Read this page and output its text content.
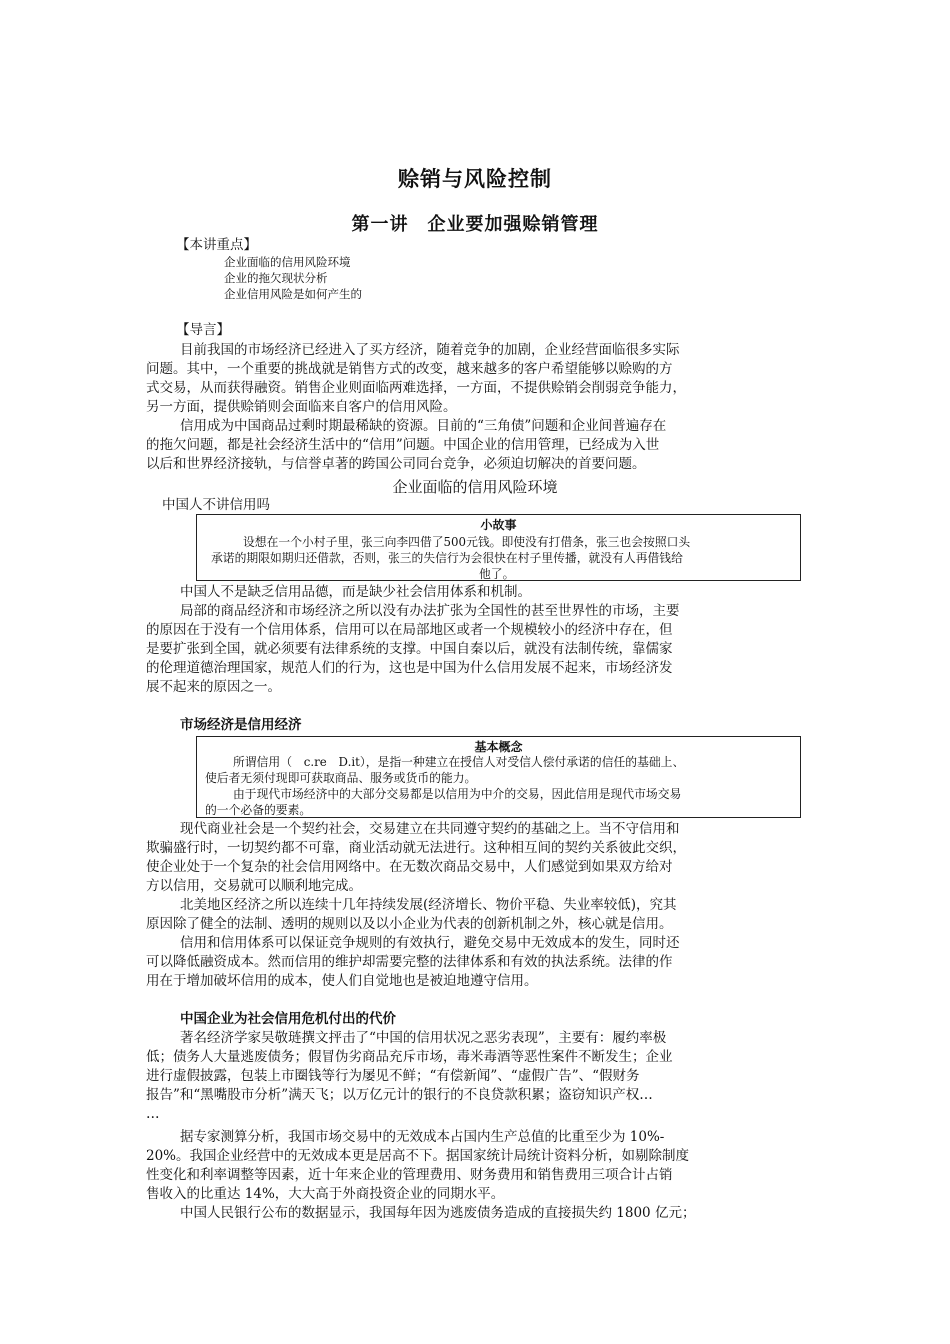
赊销与风险控制
第一讲　企业要加强赊销管理
【本讲重点】
企业面临的信用风险环境
企业的拖欠现状分析
企业信用风险是如何产生的
【导言】
目前我国的市场经济已经进入了买方经济，随着竞争的加剧，企业经营面临很多实际
问题。其中，一个重要的挑战就是销售方式的改变，越来越多的客户希望能够以赊购的方
式交易，从而获得融资。销售企业则面临两难选择，一方面，不提供赊销会削弱竞争能力，
另一方面，提供赊销则会面临来自客户的信用风险。
信用成为中国商品过剩时期最稀缺的资源。目前的“三角债”问题和企业间普遍存在
的拖欠问题，都是社会经济生活中的“信用”问题。中国企业的信用管理，已经成为入世
以后和世界经济接轨，与信誉卓著的跨国公司同台竞争，必须迫切解决的首要问题。
企业面临的信用风险环境
中国人不讲信用吗
小故事
设想在一个小村子里，张三向李四借了500元钱。即使没有打借条，张三也会按照口头
承诺的期限如期归还借款，否则，张三的失信行为会很快在村子里传播，就没有人再借钱给
他了。
中国人不是缺乏信用品德，而是缺少社会信用体系和机制。
局部的商品经济和市场经济之所以没有办法扩张为全国性的甚至世界性的市场，主要
的原因在于没有一个信用体系，信用可以在局部地区或者一个规模较小的经济中存在，但
是要扩张到全国，就必须要有法律系统的支撑。中国自秦以后，就没有法制传统，靠儒家
的伦理道德治理国家，规范人们的行为，这也是中国为什么信用发展不起来，市场经济发
展不起来的原因之一。
市场经济是信用经济
基本概念
所谓信用（　c.re　D.it），是指一种建立在授信人对受信人偿付承诺的信任的基础上、
使后者无须付现即可获取商品、服务或货币的能力。
由于现代市场经济中的大部分交易都是以信用为中介的交易，因此信用是现代市场交易
的一个必备的要素。
现代商业社会是一个契约社会，交易建立在共同遵守契约的基础之上。当不守信用和
欺骗盛行时，一切契约都不可靠，商业活动就无法进行。这种相互间的契约关系彼此交织，
使企业处于一个复杂的社会信用网络中。在无数次商品交易中，人们感觉到如果双方给对
方以信用，交易就可以顺利地完成。
北美地区经济之所以连续十几年持续发展(经济增长、物价平稳、失业率较低)，究其
原因除了健全的法制、透明的规则以及以小企业为代表的创新机制之外，核心就是信用。
信用和信用体系可以保证竞争规则的有效执行，避免交易中无效成本的发生，同时还
可以降低融资成本。然而信用的维护却需要完整的法律体系和有效的执法系统。法律的作
用在于增加破坏信用的成本，使人们自觉地也是被迫地遵守信用。
中国企业为社会信用危机付出的代价
著名经济学家吴敬琏撰文抨击了“中国的信用状况之恶劣表现”，主要有：履约率极
低；债务人大量逃废债务；假冒伪劣商品充斥市场，毒米毒酒等恶性案件不断发生；企业
进行虚假披露，包装上市圈钱等行为屡见不鲜；“有偿新闻”、“虚假广告”、“假财务
报告”和“黑嘴股市分析”满天飞；以万亿元计的银行的不良贷款积累；盗窃知识产权…
…
据专家测算分析，我国市场交易中的无效成本占国内生产总值的比重至少为 10%-
20%。我国企业经营中的无效成本更是居高不下。据国家统计局统计资料分析，如剔除制度
性变化和利率调整等因素，近十年来企业的管理费用、财务费用和销售费用三项合计占销
售收入的比重达 14%，大大高于外商投资企业的同期水平。
中国人民银行公布的数据显示，我国每年因为逃废债务造成的直接损失约 1800 亿元；
